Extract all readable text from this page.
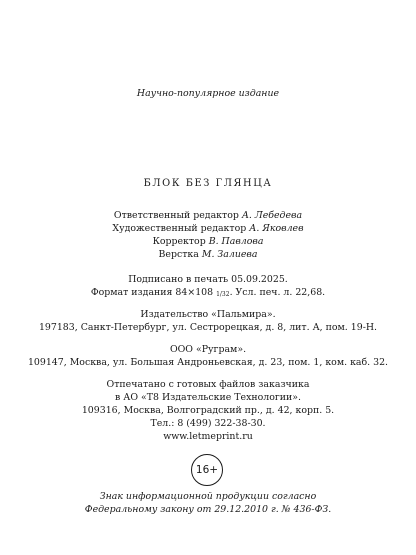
Научно-популярное издание
БЛОК БЕЗ ГЛЯНЦА
Ответственный редактор А. Лебедева
Художественный редактор А. Яковлев
Корректор В. Павлова
Верстка М. Залиева
Подписано в печать 05.09.2025.
Формат издания 84×108 1/32. Усл. печ. л. 22,68.
Издательство «Пальмира».
197183, Санкт-Петербург, ул. Сестрорецкая, д. 8, лит. А, пом. 19-Н.
ООО «Руграм».
109147, Москва, ул. Большая Андроньевская, д. 23, пом. 1, ком. каб. 32.
Отпечатано с готовых файлов заказчика
в АО «Т8 Издательские Технологии».
109316, Москва, Волгоградский пр., д. 42, корп. 5.
Тел.: 8 (499) 322-38-30.
www.letmeprint.ru
16+
Знак информационной продукции согласно
Федеральному закону от 29.12.2010 г. № 436-ФЗ.
